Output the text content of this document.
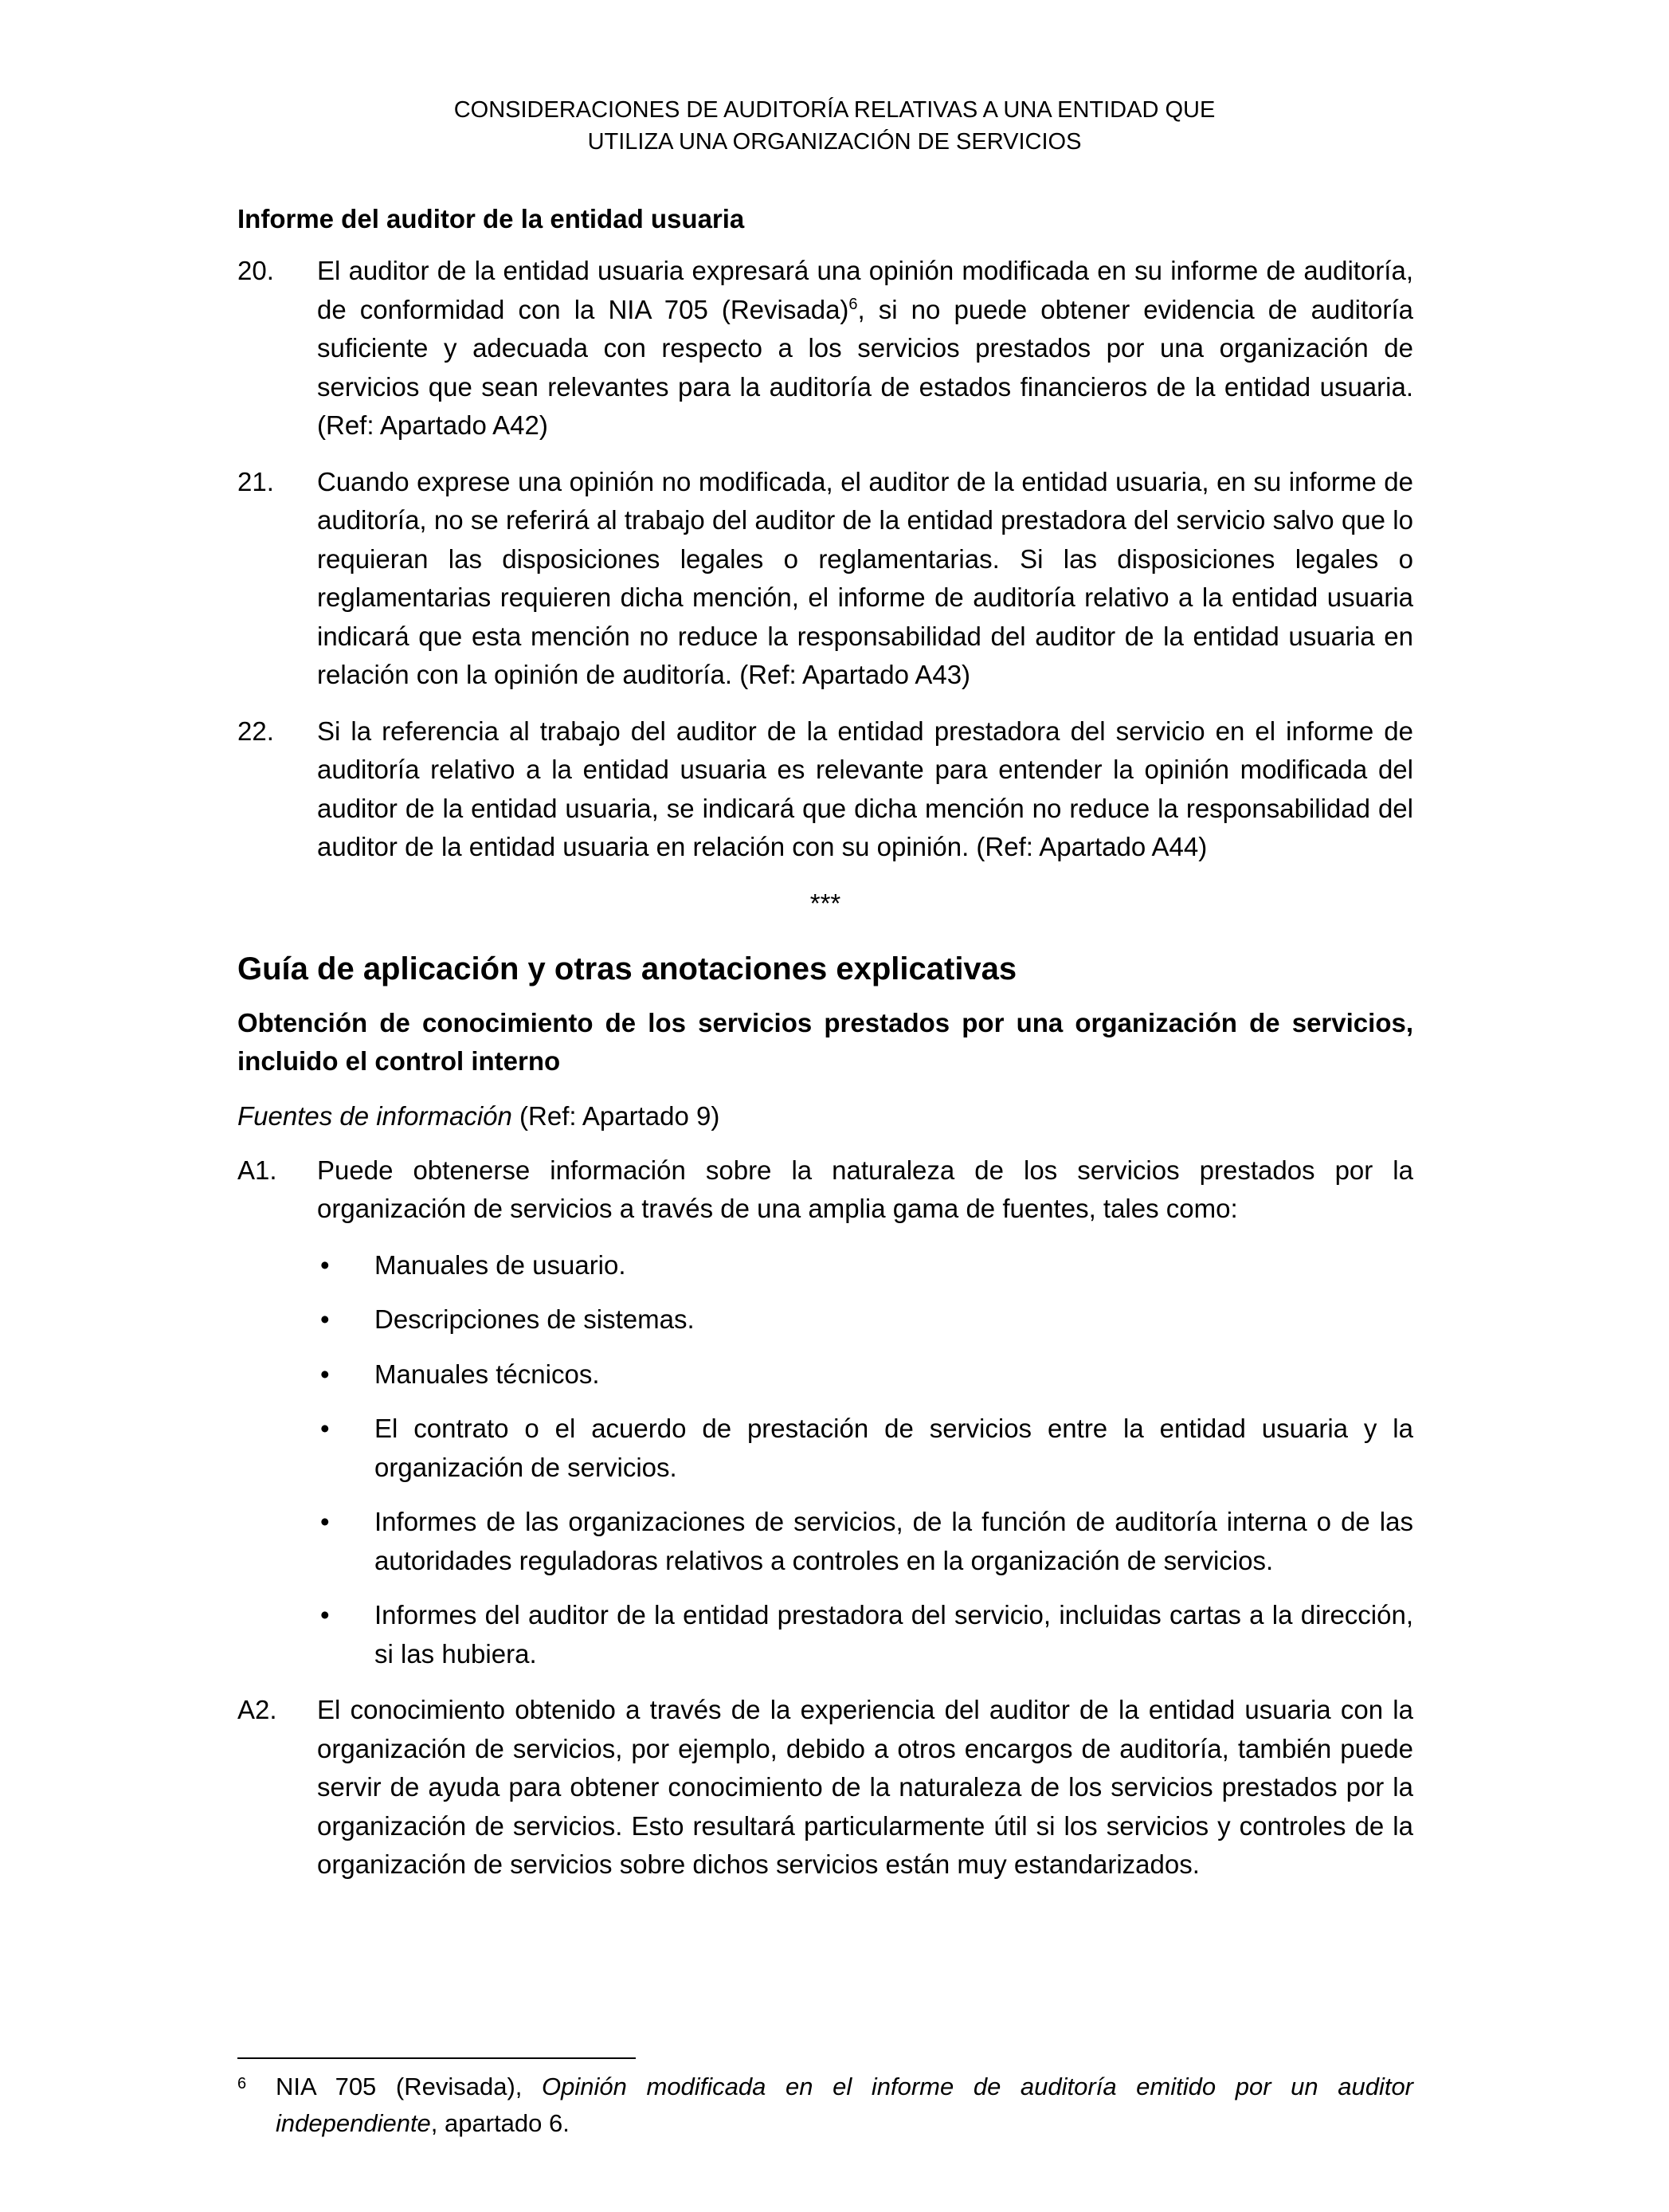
CONSIDERACIONES DE AUDITORÍA RELATIVAS A UNA ENTIDAD QUE
UTILIZA UNA ORGANIZACIÓN DE SERVICIOS
Informe del auditor de la entidad usuaria
20. El auditor de la entidad usuaria expresará una opinión modificada en su informe de auditoría, de conformidad con la NIA 705 (Revisada)$^6$, si no puede obtener evidencia de auditoría suficiente y adecuada con respecto a los servicios prestados por una organización de servicios que sean relevantes para la auditoría de estados financieros de la entidad usuaria. (Ref: Apartado A42)
21. Cuando exprese una opinión no modificada, el auditor de la entidad usuaria, en su informe de auditoría, no se referirá al trabajo del auditor de la entidad prestadora del servicio salvo que lo requieran las disposiciones legales o reglamentarias. Si las disposiciones legales o reglamentarias requieren dicha mención, el informe de auditoría relativo a la entidad usuaria indicará que esta mención no reduce la responsabilidad del auditor de la entidad usuaria en relación con la opinión de auditoría. (Ref: Apartado A43)
22. Si la referencia al trabajo del auditor de la entidad prestadora del servicio en el informe de auditoría relativo a la entidad usuaria es relevante para entender la opinión modificada del auditor de la entidad usuaria, se indicará que dicha mención no reduce la responsabilidad del auditor de la entidad usuaria en relación con su opinión. (Ref: Apartado A44)
***
Guía de aplicación y otras anotaciones explicativas
Obtención de conocimiento de los servicios prestados por una organización de servicios, incluido el control interno
Fuentes de información (Ref: Apartado 9)
A1. Puede obtenerse información sobre la naturaleza de los servicios prestados por la organización de servicios a través de una amplia gama de fuentes, tales como:
• Manuales de usuario.
• Descripciones de sistemas.
• Manuales técnicos.
• El contrato o el acuerdo de prestación de servicios entre la entidad usuaria y la organización de servicios.
• Informes de las organizaciones de servicios, de la función de auditoría interna o de las autoridades reguladoras relativos a controles en la organización de servicios.
• Informes del auditor de la entidad prestadora del servicio, incluidas cartas a la dirección, si las hubiera.
A2. El conocimiento obtenido a través de la experiencia del auditor de la entidad usuaria con la organización de servicios, por ejemplo, debido a otros encargos de auditoría, también puede servir de ayuda para obtener conocimiento de la naturaleza de los servicios prestados por la organización de servicios. Esto resultará particularmente útil si los servicios y controles de la organización de servicios sobre dichos servicios están muy estandarizados.
6 NIA 705 (Revisada), Opinión modificada en el informe de auditoría emitido por un auditor independiente, apartado 6.
